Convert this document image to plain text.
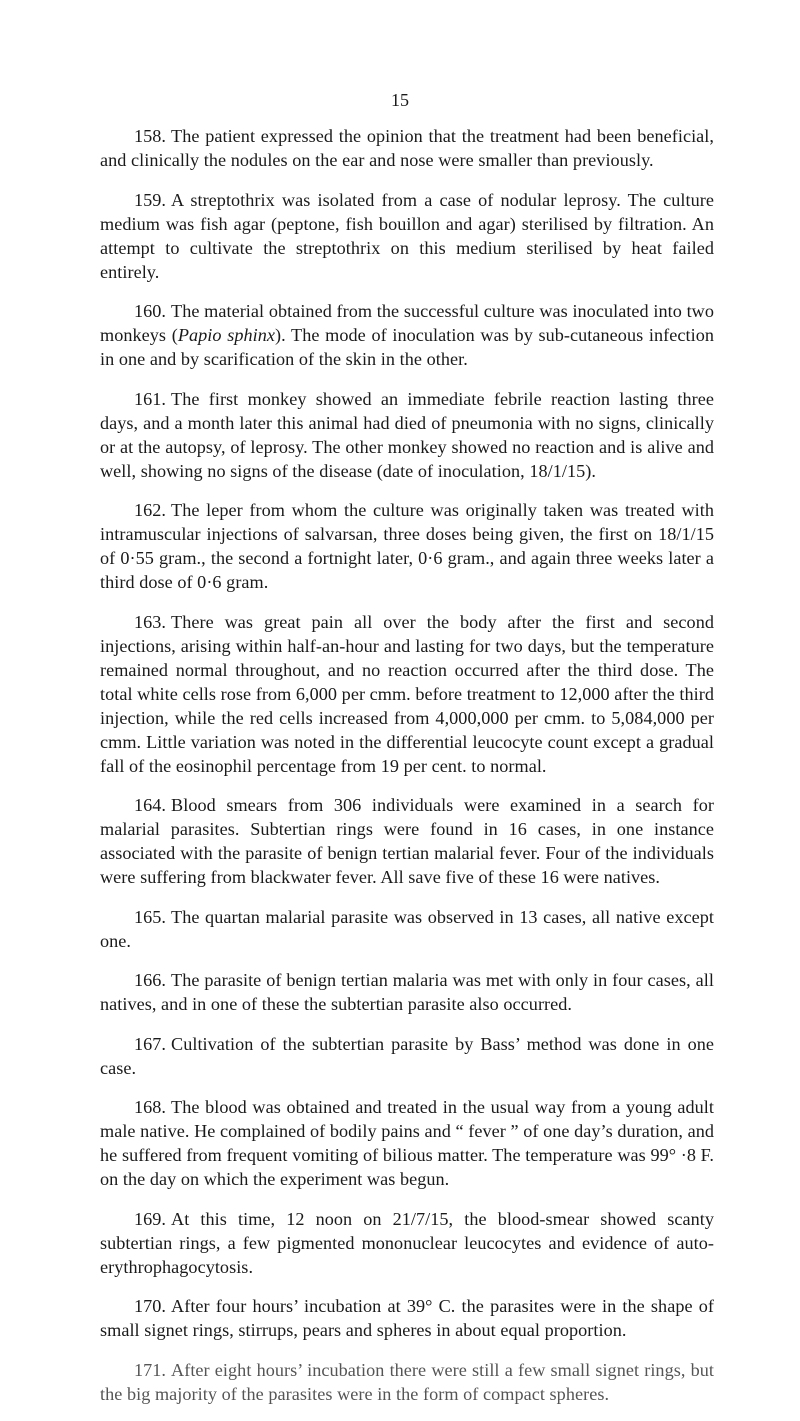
15

158. The patient expressed the opinion that the treatment had been beneficial, and clinically the nodules on the ear and nose were smaller than previously.

159. A streptothrix was isolated from a case of nodular leprosy. The culture medium was fish agar (peptone, fish bouillon and agar) sterilised by filtration. An attempt to cultivate the streptothrix on this medium sterilised by heat failed entirely.

160. The material obtained from the successful culture was inoculated into two monkeys (Papio sphinx). The mode of inoculation was by sub-cutaneous infection in one and by scarification of the skin in the other.

161. The first monkey showed an immediate febrile reaction lasting three days, and a month later this animal had died of pneumonia with no signs, clinically or at the autopsy, of leprosy. The other monkey showed no reaction and is alive and well, showing no signs of the disease (date of inoculation, 18/1/15).

162. The leper from whom the culture was originally taken was treated with intramuscular injections of salvarsan, three doses being given, the first on 18/1/15 of 0·55 gram., the second a fortnight later, 0·6 gram., and again three weeks later a third dose of 0·6 gram.

163. There was great pain all over the body after the first and second injections, arising within half-an-hour and lasting for two days, but the temperature remained normal throughout, and no reaction occurred after the third dose. The total white cells rose from 6,000 per cmm. before treatment to 12,000 after the third injection, while the red cells increased from 4,000,000 per cmm. to 5,084,000 per cmm. Little variation was noted in the differential leucocyte count except a gradual fall of the eosinophil percentage from 19 per cent. to normal.

164. Blood smears from 306 individuals were examined in a search for malarial parasites. Subtertian rings were found in 16 cases, in one instance associated with the parasite of benign tertian malarial fever. Four of the individuals were suffering from blackwater fever. All save five of these 16 were natives.

165. The quartan malarial parasite was observed in 13 cases, all native except one.

166. The parasite of benign tertian malaria was met with only in four cases, all natives, and in one of these the subtertian parasite also occurred.

167. Cultivation of the subtertian parasite by Bass’ method was done in one case.

168. The blood was obtained and treated in the usual way from a young adult male native. He complained of bodily pains and “ fever ” of one day’s duration, and he suffered from frequent vomiting of bilious matter. The temperature was 99° ·8 F. on the day on which the experiment was begun.

169. At this time, 12 noon on 21/7/15, the blood-smear showed scanty subtertian rings, a few pigmented mononuclear leucocytes and evidence of auto-erythrophagocytosis.

170. After four hours’ incubation at 39° C. the parasites were in the shape of small signet rings, stirrups, pears and spheres in about equal proportion.

171. After eight hours’ incubation there were still a few small signet rings, but the big majority of the parasites were in the form of compact spheres.
